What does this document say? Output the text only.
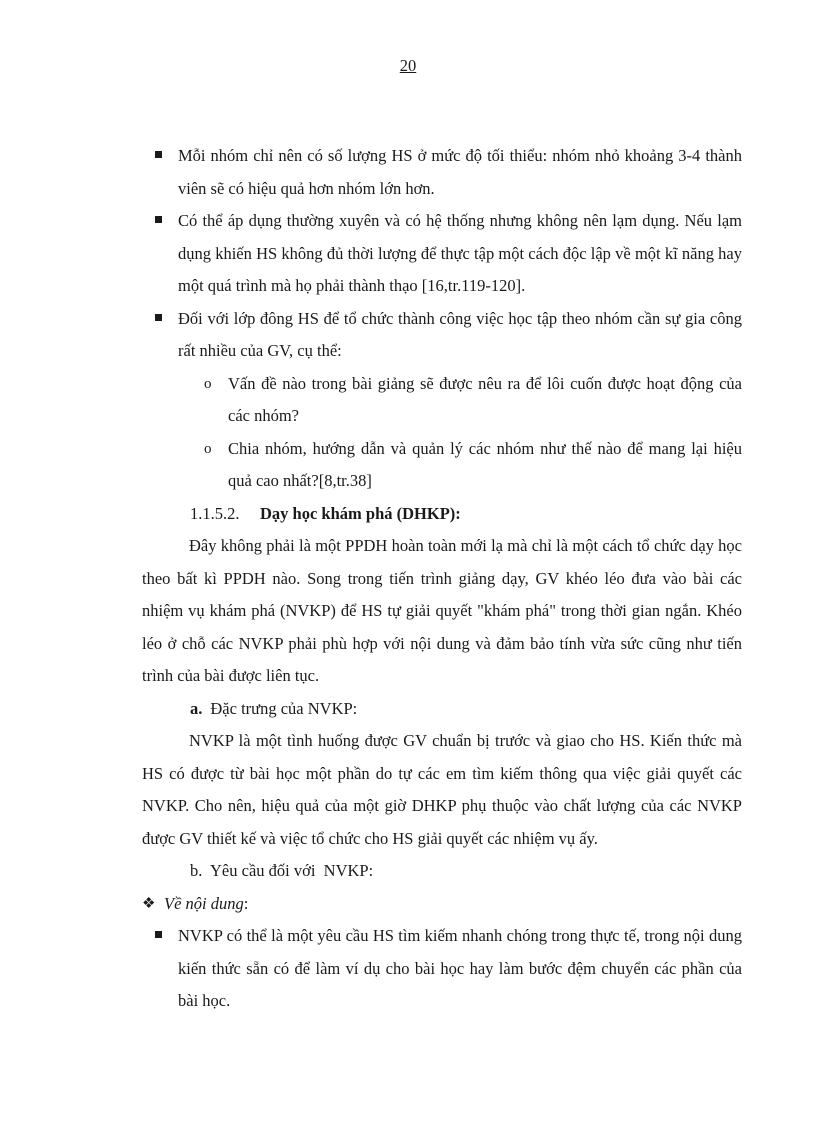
20
Mỗi nhóm chỉ nên có số lượng HS ở mức độ tối thiểu: nhóm nhỏ khoảng 3-4 thành viên sẽ có hiệu quả hơn nhóm lớn hơn.
Có thể áp dụng thường xuyên và có hệ thống nhưng không nên lạm dụng. Nếu lạm dụng khiến HS không đủ thời lượng để thực tập một cách độc lập về một kĩ năng hay một quá trình mà họ phải thành thạo [16,tr.119-120].
Đối với lớp đông HS để tổ chức thành công việc học tập theo nhóm cần sự gia công rất nhiều của GV, cụ thể:
o Vấn đề nào trong bài giảng sẽ được nêu ra để lôi cuốn được hoạt động của các nhóm?
o Chia nhóm, hướng dẫn và quản lý các nhóm như thế nào để mang lại hiệu quả cao nhất?[8,tr.38]
1.1.5.2. Dạy học khám phá (DHKP):
Đây không phải là một PPDH hoàn toàn mới lạ mà chỉ là một cách tổ chức dạy học theo bất kì PPDH nào. Song trong tiến trình giảng dạy, GV khéo léo đưa vào bài các nhiệm vụ khám phá (NVKP) để HS tự giải quyết "khám phá" trong thời gian ngắn. Khéo léo ở chỗ các NVKP phải phù hợp với nội dung và đảm bảo tính vừa sức cũng như tiến trình của bài được liên tục.
a. Đặc trưng của NVKP:
NVKP là một tình huống được GV chuẩn bị trước và giao cho HS. Kiến thức mà HS có được từ bài học một phần do tự các em tìm kiếm thông qua việc giải quyết các NVKP. Cho nên, hiệu quả của một giờ DHKP phụ thuộc vào chất lượng của các NVKP được GV thiết kế và việc tổ chức cho HS giải quyết các nhiệm vụ ấy.
b.  Yêu cầu đối với  NVKP:
❖ Về nội dung:
NVKP có thể là một yêu cầu HS tìm kiếm nhanh chóng trong thực tế, trong nội dung kiến thức sẵn có để làm ví dụ cho bài học hay làm bước đệm chuyển các phần của bài học.
